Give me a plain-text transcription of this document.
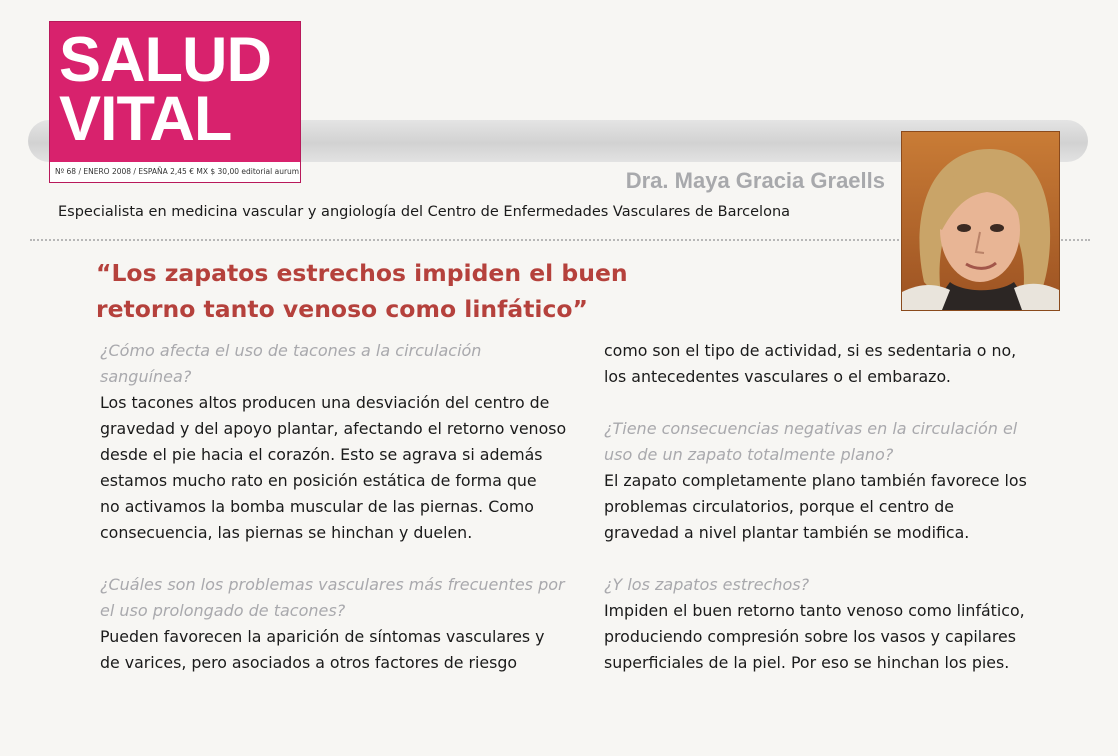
SALUD
VITAL
Nº 68 / ENERO 2008 / ESPAÑA 2,45 € MX $ 30,00 editorial aurum	Dra. Maya Gracia Graells
Especialista en medicina vascular y angiología del Centro de Enfermedades Vasculares de Barcelona
“Los zapatos estrechos impiden el buen
retorno tanto venoso como linfático”

¿Cómo afecta el uso de tacones a la circulación
sanguínea?

Los tacones altos producen una desviación del centro de
gravedad y del apoyo plantar, afectando el retorno venoso
desde el pie hacia el corazón. Esto se agrava si además
estamos mucho rato en posición estática de forma que
no activamos la bomba muscular de las piernas. Como
consecuencia, las piernas se hinchan y duelen.

¿Cuáles son los problemas vasculares más frecuentes por
el uso prolongado de tacones?

Pueden favorecen la aparición de síntomas vasculares y
de varices, pero asociados a otros factores de riesgo

como son el tipo de actividad, si es sedentaria o no,
los antecedentes vasculares o el embarazo.

¿Tiene consecuencias negativas en la circulación el
uso de un zapato totalmente plano?

El zapato completamente plano también favorece los
problemas circulatorios, porque el centro de
gravedad a nivel plantar también se modifica.

¿Y los zapatos estrechos?

Impiden el buen retorno tanto venoso como linfático,
produciendo compresión sobre los vasos y capilares
superficiales de la piel. Por eso se hinchan los pies.
